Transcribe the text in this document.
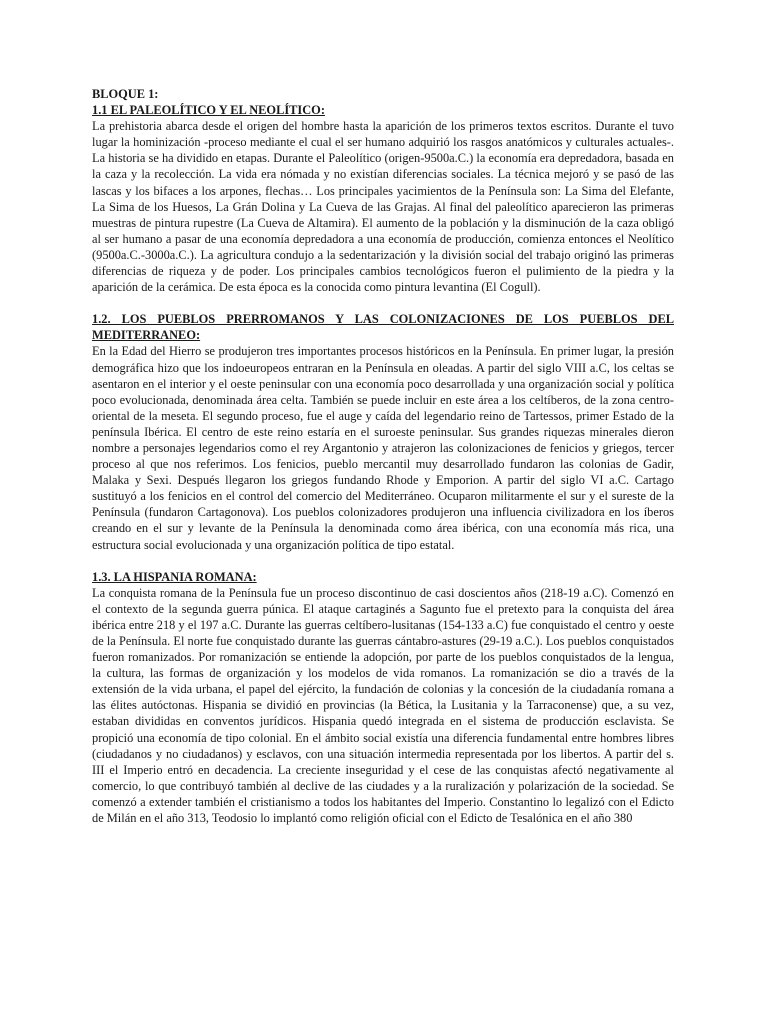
BLOQUE 1:

1.1 EL PALEOLÍTICO Y EL NEOLÍTICO:

La prehistoria abarca desde el origen del hombre hasta la aparición de los primeros textos escritos. Durante el tuvo lugar la hominización -proceso mediante el cual el ser humano adquirió los rasgos anatómicos y culturales actuales-. La historia se ha dividido en etapas. Durante el Paleolítico (origen-9500a.C.) la economía era depredadora, basada en la caza y la recolección. La vida era nómada y no existían diferencias sociales. La técnica mejoró y se pasó de las lascas y los bifaces a los arpones, flechas… Los principales yacimientos de la Península son: La Sima del Elefante, La Sima de los Huesos, La Grán Dolina y La Cueva de las Grajas. Al final del paleolítico aparecieron las primeras muestras de pintura rupestre (La Cueva de Altamira). El aumento de la población y la disminución de la caza obligó al ser humano a pasar de una economía depredadora a una economía de producción, comienza entonces el Neolítico (9500a.C.-3000a.C.). La agricultura condujo a la sedentarización y la división social del trabajo originó las primeras diferencias de riqueza y de poder. Los principales cambios tecnológicos fueron el pulimiento de la piedra y la aparición de la cerámica. De esta época es la conocida como pintura levantina (El Cogull).

1.2. LOS PUEBLOS PRERROMANOS Y LAS COLONIZACIONES DE LOS PUEBLOS DEL MEDITERRANEO:

En la Edad del Hierro se produjeron tres importantes procesos históricos en la Península. En primer lugar, la presión demográfica hizo que los indoeuropeos entraran en la Península en oleadas. A partir del siglo VIII a.C, los celtas se asentaron en el interior y el oeste peninsular con una economía poco desarrollada y una organización social y política poco evolucionada, denominada área celta. También se puede incluir en este área a los celtíberos, de la zona centro-oriental de la meseta. El segundo proceso, fue el auge y caída del legendario reino de Tartessos, primer Estado de la península Ibérica. El centro de este reino estaría en el suroeste peninsular. Sus grandes riquezas minerales dieron nombre a personajes legendarios como el rey Argantonio y atrajeron las colonizaciones de fenicios y griegos, tercer proceso al que nos referimos. Los fenicios, pueblo mercantil muy desarrollado fundaron las colonias de Gadir, Malaka y Sexi. Después llegaron los griegos fundando Rhode y Emporion. A partir del siglo VI a.C. Cartago sustituyó a los fenicios en el control del comercio del Mediterráneo. Ocuparon militarmente el sur y el sureste de la Península (fundaron Cartagonova). Los pueblos colonizadores produjeron una influencia civilizadora en los íberos creando en el sur y levante de la Península la denominada como área ibérica, con una economía más rica, una estructura social evolucionada y una organización política de tipo estatal.

1.3. LA HISPANIA ROMANA:

La conquista romana de la Península fue un proceso discontinuo de casi doscientos años (218-19 a.C). Comenzó en el contexto de la segunda guerra púnica. El ataque cartaginés a Sagunto fue el pretexto para la conquista del área ibérica entre 218 y el 197 a.C. Durante las guerras celtíbero-lusitanas (154-133 a.C) fue conquistado el centro y oeste de la Península. El norte fue conquistado durante las guerras cántabro-astures (29-19 a.C.). Los pueblos conquistados fueron romanizados. Por romanización se entiende la adopción, por parte de los pueblos conquistados de la lengua, la cultura, las formas de organización y los modelos de vida romanos. La romanización se dio a través de la extensión de la vida urbana, el papel del ejército, la fundación de colonias y la concesión de la ciudadanía romana a las élites autóctonas. Hispania se dividió en provincias (la Bética, la Lusitania y la Tarraconense) que, a su vez, estaban divididas en conventos jurídicos. Hispania quedó integrada en el sistema de producción esclavista. Se propició una economía de tipo colonial. En el ámbito social existía una diferencia fundamental entre hombres libres (ciudadanos y no ciudadanos) y esclavos, con una situación intermedia representada por los libertos. A partir del s. III el Imperio entró en decadencia. La creciente inseguridad y el cese de las conquistas afectó negativamente al comercio, lo que contribuyó también al declive de las ciudades y a la ruralización y polarización de la sociedad. Se comenzó a extender también el cristianismo a todos los habitantes del Imperio. Constantino lo legalizó con el Edicto de Milán en el año 313, Teodosio lo implantó como religión oficial con el Edicto de Tesalónica en el año 380
